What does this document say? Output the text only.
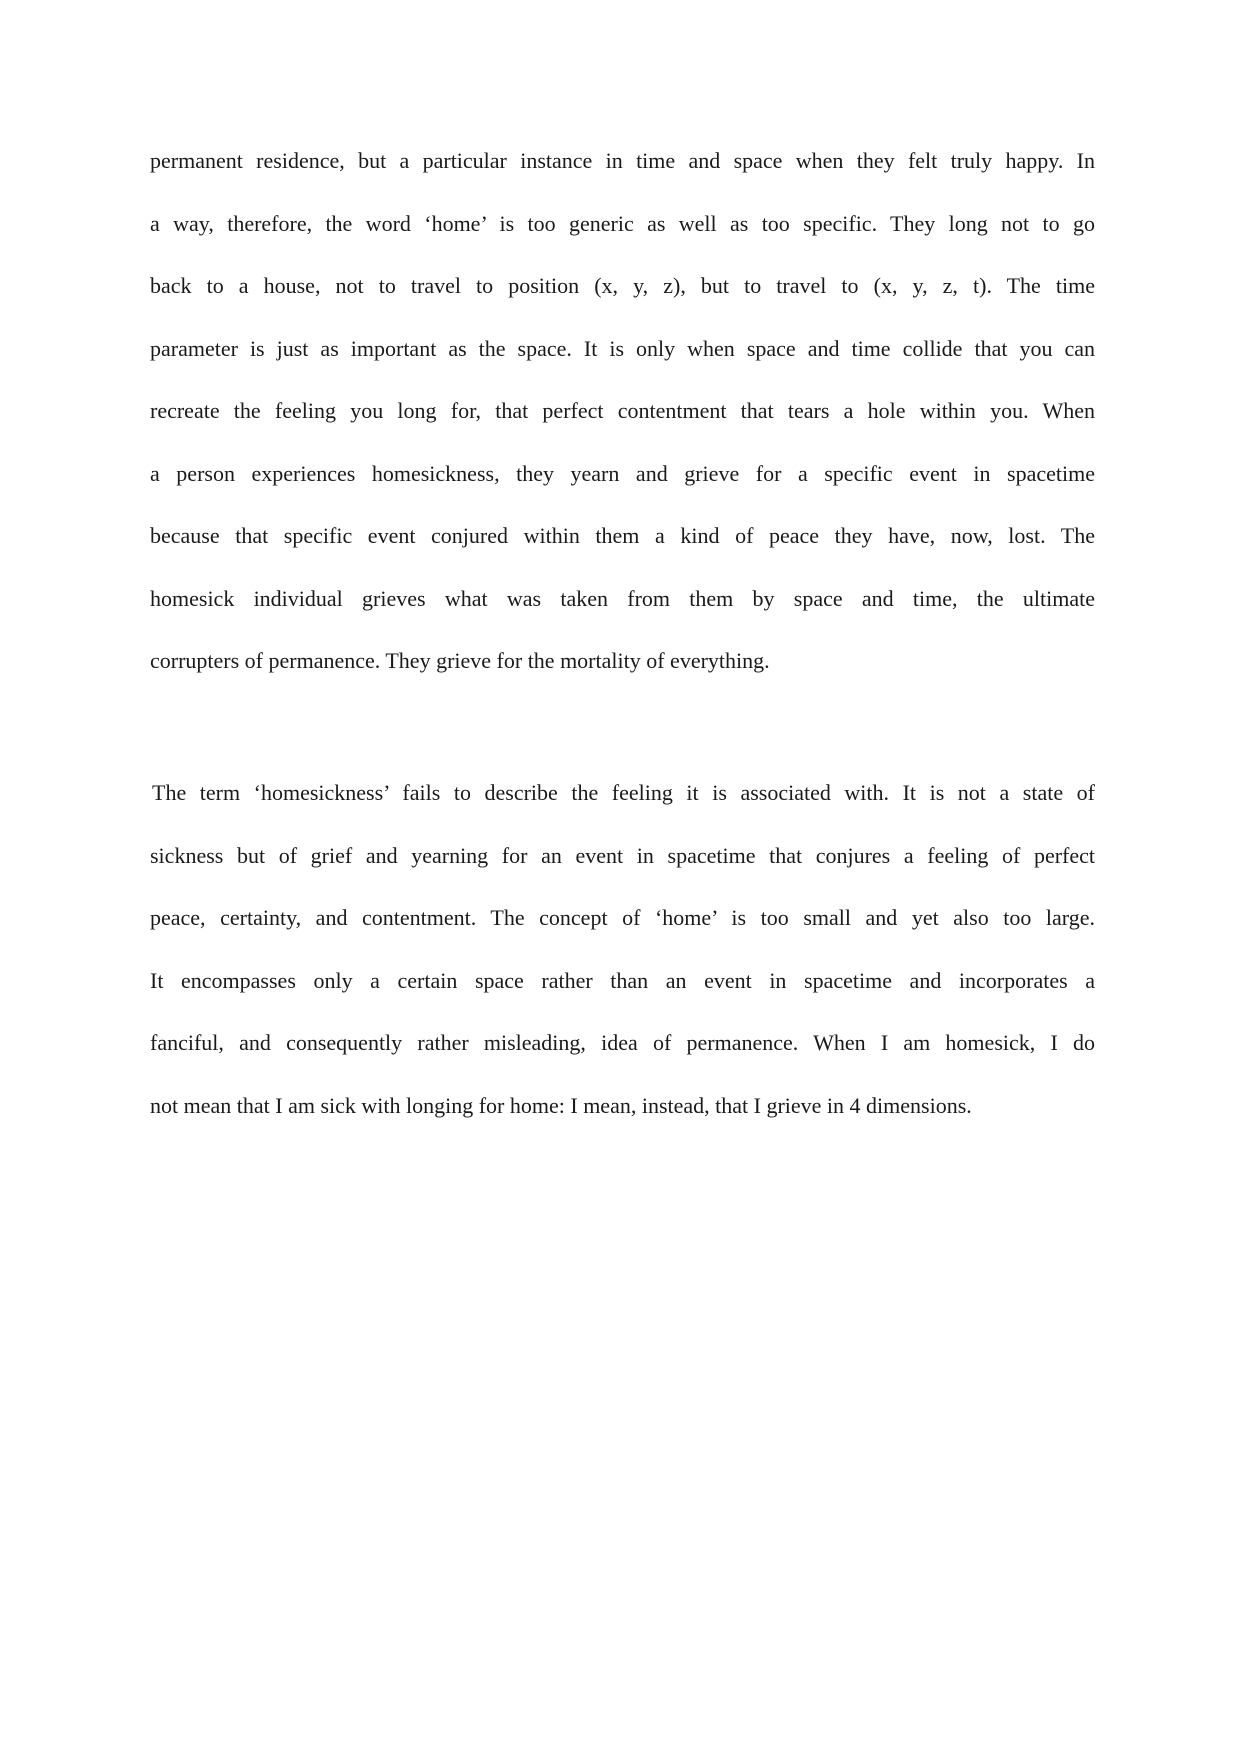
permanent residence, but a particular instance in time and space when they felt truly happy. In
a way, therefore, the word ‘home’ is too generic as well as too specific. They long not to go
back to a house, not to travel to position (x, y, z), but to travel to (x, y, z, t). The time
parameter is just as important as the space. It is only when space and time collide that you can
recreate the feeling you long for, that perfect contentment that tears a hole within you. When
a person experiences homesickness, they yearn and grieve for a specific event in spacetime
because that specific event conjured within them a kind of peace they have, now, lost. The
homesick individual grieves what was taken from them by space and time, the ultimate
corrupters of permanence. They grieve for the mortality of everything.
The term ‘homesickness’ fails to describe the feeling it is associated with. It is not a state of
sickness but of grief and yearning for an event in spacetime that conjures a feeling of perfect
peace, certainty, and contentment. The concept of ‘home’ is too small and yet also too large.
It encompasses only a certain space rather than an event in spacetime and incorporates a
fanciful, and consequently rather misleading, idea of permanence. When I am homesick, I do
not mean that I am sick with longing for home: I mean, instead, that I grieve in 4 dimensions.
